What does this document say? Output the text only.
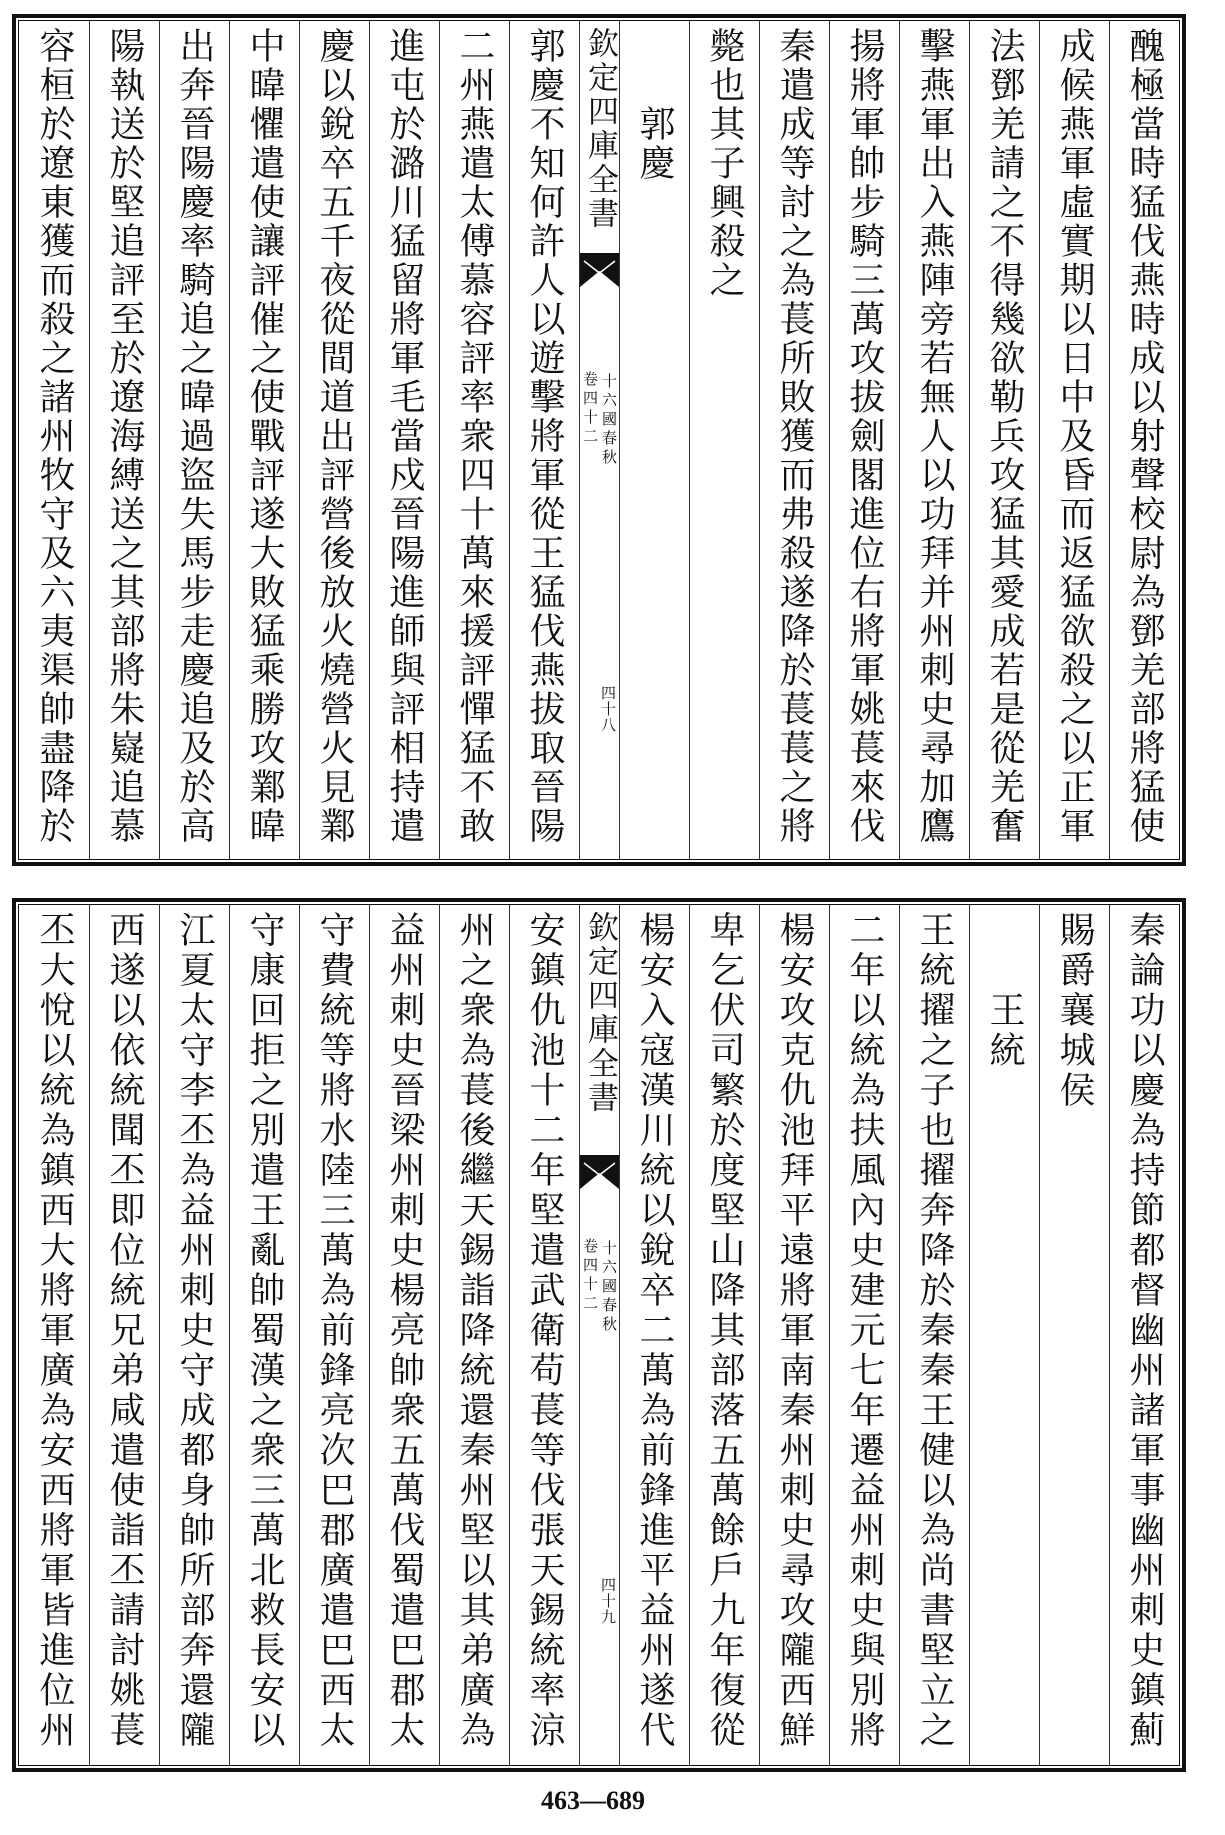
醜極當時猛伐燕時成以射聲校尉為鄧羌部將猛使
成候燕軍虛實期以日中及昏而返猛欲殺之以正軍
法鄧羌請之不得幾欲勒兵攻猛其愛成若是從羌奮
擊燕軍出入燕陣旁若無人以功拜并州刺史尋加鷹
揚將軍帥步騎三萬攻拔劍閣進位右將軍姚萇來伐
秦遣成等討之為萇所敗獲而弗殺遂降於萇萇之將
斃也其子興殺之
郭慶
欽定四庫全書
十六國春秋
卷四十二
四十八
郭慶不知何許人以遊擊將軍從王猛伐燕拔取晉陽
二州燕遣太傅慕容評率衆四十萬來援評憚猛不敢
進屯於潞川猛留將軍毛當戍晉陽進師與評相持遣
慶以銳卒五千夜從間道出評營後放火燒營火見鄴
中暐懼遣使讓評催之使戰評遂大敗猛乘勝攻鄴暐
出奔晉陽慶率騎追之暐過盜失馬步走慶追及於高
陽執送於堅追評至於遼海縛送之其部將朱嶷追慕
容桓於遼東獲而殺之諸州牧守及六夷渠帥盡降於
秦論功以慶為持節都督幽州諸軍事幽州刺史鎮薊
賜爵襄城侯
王統
王統擢之子也擢奔降於秦秦王健以為尚書堅立之
二年以統為扶風內史建元七年遷益州刺史與別將
楊安攻克仇池拜平遠將軍南秦州刺史尋攻隴西鮮
卑乞伏司繁於度堅山降其部落五萬餘戶九年復從
楊安入寇漢川統以銳卒二萬為前鋒進平益州遂代
欽定四庫全書
十六國春秋
卷四十二
四十九
安鎮仇池十二年堅遣武衛苟萇等伐張天錫統率涼
州之衆為萇後繼天錫詣降統還秦州堅以其弟廣為
益州刺史晉梁州刺史楊亮帥衆五萬伐蜀遣巴郡太
守費統等將水陸三萬為前鋒亮次巴郡廣遣巴西太
守康回拒之別遣王亂帥蜀漢之衆三萬北救長安以
江夏太守李丕為益州刺史守成都身帥所部奔還隴
西遂以依統聞丕即位統兄弟咸遣使詣丕請討姚萇
丕大悅以統為鎮西大將軍廣為安西將軍皆進位州
463—689
